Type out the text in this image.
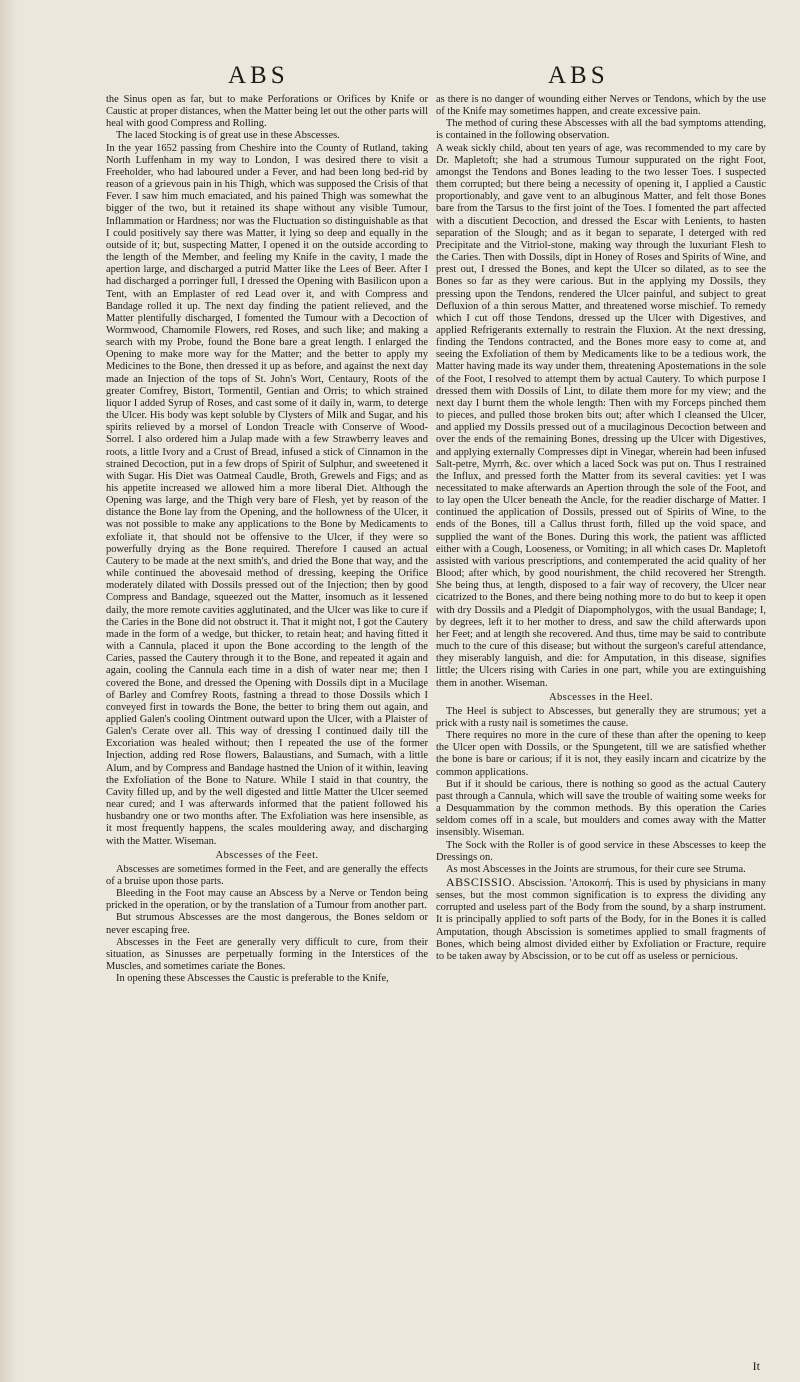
ABS	ABS

the Sinus open as far, but to make Perforations or Orifices by Knife or Caustic at proper distances, when the Matter being let out the other parts will heal with good Compress and Rolling.

The laced Stocking is of great use in these Abscesses.

In the year 1652 passing from Cheshire into the County of Rutland, taking North Luffenham in my way to London, I was desired there to visit a Freeholder, who had laboured under a Fever, and had been long bed-rid by reason of a grievous pain in his Thigh, which was supposed the Crisis of that Fever. I saw him much emaciated, and his pained Thigh was somewhat the bigger of the two, but it retained its shape without any visible Tumour, Inflammation or Hardness; nor was the Fluctuation so distinguishable as that I could positively say there was Matter, it lying so deep and equally in the outside of it; but, suspecting Matter, I opened it on the outside according to the length of the Member, and feeling my Knife in the cavity, I made the apertion large, and discharged a putrid Matter like the Lees of Beer. After I had discharged a porringer full, I dressed the Opening with Basilicon upon a Tent, with an Emplaster of red Lead over it, and with Compress and Bandage rolled it up. The next day finding the patient relieved, and the Matter plentifully discharged, I fomented the Tumour with a Decoction of Wormwood, Chamomile Flowers, red Roses, and such like; and making a search with my Probe, found the Bone bare a great length. I enlarged the Opening to make more way for the Matter; and the better to apply my Medicines to the Bone, then dressed it up as before, and against the next day made an Injection of the tops of St. John's Wort, Centaury, Roots of the greater Comfrey, Bistort, Tormentil, Gentian and Orris; to which strained liquor I added Syrup of Roses, and cast some of it daily in, warm, to deterge the Ulcer. His body was kept soluble by Clysters of Milk and Sugar, and his spirits relieved by a morsel of London Treacle with Conserve of Wood-Sorrel. I also ordered him a Julap made with a few Strawberry leaves and roots, a little Ivory and a Crust of Bread, infused a stick of Cinnamon in the strained Decoction, put in a few drops of Spirit of Sulphur, and sweetened it with Sugar. His Diet was Oatmeal Caudle, Broth, Grewels and Figs; and as his appetite increased we allowed him a more liberal Diet. Although the Opening was large, and the Thigh very bare of Flesh, yet by reason of the distance the Bone lay from the Opening, and the hollowness of the Ulcer, it was not possible to make any applications to the Bone by Medicaments to exfoliate it, that should not be offensive to the Ulcer, if they were so powerfully drying as the Bone required. Therefore I caused an actual Cautery to be made at the next smith's, and dried the Bone that way, and the while continued the abovesaid method of dressing, keeping the Orifice moderately dilated with Dossils pressed out of the Injection; then by good Compress and Bandage, squeezed out the Matter, insomuch as it lessened daily, the more remote cavities agglutinated, and the Ulcer was like to cure if the Caries in the Bone did not obstruct it. That it might not, I got the Cautery made in the form of a wedge, but thicker, to retain heat; and having fitted it with a Cannula, placed it upon the Bone according to the length of the Caries, passed the Cautery through it to the Bone, and repeated it again and again, cooling the Cannula each time in a dish of water near me; then I covered the Bone, and dressed the Opening with Dossils dipt in a Mucilage of Barley and Comfrey Roots, fastning a thread to those Dossils which I conveyed first in towards the Bone, the better to bring them out again, and applied Galen's cooling Ointment outward upon the Ulcer, with a Plaister of Galen's Cerate over all. This way of dressing I continued daily till the Excoriation was healed without; then I repeated the use of the former Injection, adding red Rose flowers, Balaustians, and Sumach, with a little Alum, and by Compress and Bandage hastned the Union of it within, leaving the Exfoliation of the Bone to Nature. While I staid in that country, the Cavity filled up, and by the well digested and little Matter the Ulcer seemed near cured; and I was afterwards informed that the patient followed his husbandry one or two months after. The Exfoliation was here insensible, as it most frequently happens, the scales mouldering away, and discharging with the Matter. Wiseman.

Abscesses of the Feet.

Abscesses are sometimes formed in the Feet, and are generally the effects of a bruise upon those parts.

Bleeding in the Foot may cause an Abscess by a Nerve or Tendon being pricked in the operation, or by the translation of a Tumour from another part.

But strumous Abscesses are the most dangerous, the Bones seldom or never escaping free.

Abscesses in the Feet are generally very difficult to cure, from their situation, as Sinusses are perpetually forming in the Interstices of the Muscles, and sometimes cariate the Bones.

In opening these Abscesses the Caustic is preferable to the Knife,

as there is no danger of wounding either Nerves or Tendons, which by the use of the Knife may sometimes happen, and create excessive pain.

The method of curing these Abscesses with all the bad symptoms attending, is contained in the following observation.

A weak sickly child, about ten years of age, was recommended to my care by Dr. Mapletoft; she had a strumous Tumour suppurated on the right Foot, amongst the Tendons and Bones leading to the two lesser Toes. I suspected them corrupted; but there being a necessity of opening it, I applied a Caustic proportionably, and gave vent to an albuginous Matter, and felt those Bones bare from the Tarsus to the first joint of the Toes. I fomented the part affected with a discutient Decoction, and dressed the Escar with Lenients, to hasten separation of the Slough; and as it began to separate, I deterged with red Precipitate and the Vitriol-stone, making way through the luxuriant Flesh to the Caries. Then with Dossils, dipt in Honey of Roses and Spirits of Wine, and prest out, I dressed the Bones, and kept the Ulcer so dilated, as to see the Bones so far as they were carious. But in the applying my Dossils, they pressing upon the Tendons, rendered the Ulcer painful, and subject to great Defluxion of a thin serous Matter, and threatened worse mischief. To remedy which I cut off those Tendons, dressed up the Ulcer with Digestives, and applied Refrigerants externally to restrain the Fluxion. At the next dressing, finding the Tendons contracted, and the Bones more easy to come at, and seeing the Exfoliation of them by Medicaments like to be a tedious work, the Matter having made its way under them, threatening Apostemations in the sole of the Foot, I resolved to attempt them by actual Cautery. To which purpose I dressed them with Dossils of Lint, to dilate them more for my view; and the next day I burnt them the whole length: Then with my Forceps pinched them to pieces, and pulled those broken bits out; after which I cleansed the Ulcer, and applied my Dossils pressed out of a mucilaginous Decoction between and over the ends of the remaining Bones, dressing up the Ulcer with Digestives, and applying externally Compresses dipt in Vinegar, wherein had been infused Salt-petre, Myrrh, &c. over which a laced Sock was put on. Thus I restrained the Influx, and pressed forth the Matter from its several cavities: yet I was necessitated to make afterwards an Apertion through the sole of the Foot, and to lay open the Ulcer beneath the Ancle, for the readier discharge of Matter. I continued the application of Dossils, pressed out of Spirits of Wine, to the ends of the Bones, till a Callus thrust forth, filled up the void space, and supplied the want of the Bones. During this work, the patient was afflicted either with a Cough, Looseness, or Vomiting; in all which cases Dr. Mapletoft assisted with various prescriptions, and contemperated the acid quality of her Blood; after which, by good nourishment, the child recovered her Strength. She being thus, at length, disposed to a fair way of recovery, the Ulcer near cicatrized to the Bones, and there being nothing more to do but to keep it open with dry Dossils and a Pledgit of Diapompholygos, with the usual Bandage; I, by degrees, left it to her mother to dress, and saw the child afterwards upon her Feet; and at length she recovered. And thus, time may be said to contribute much to the cure of this disease; but without the surgeon's careful attendance, they miserably languish, and die: for Amputation, in this disease, signifies little; the Ulcers rising with Caries in one part, while you are extinguishing them in another. Wiseman.

Abscesses in the Heel.

The Heel is subject to Abscesses, but generally they are strumous; yet a prick with a rusty nail is sometimes the cause.

There requires no more in the cure of these than after the opening to keep the Ulcer open with Dossils, or the Spungetent, till we are satisfied whether the bone is bare or carious; if it is not, they easily incarn and cicatrize by the common applications.

But if it should be carious, there is nothing so good as the actual Cautery past through a Cannula, which will save the trouble of waiting some weeks for a Desquammation by the common methods. By this operation the Caries seldom comes off in a scale, but moulders and comes away with the Matter insensibly. Wiseman.

The Sock with the Roller is of good service in these Abscesses to keep the Dressings on.

As most Abscesses in the Joints are strumous, for their cure see Struma.

ABSCISSIO. Abscission. 'Αποκοπή. This is used by physicians in many senses, but the most common signification is to express the dividing any corrupted and useless part of the Body from the sound, by a sharp instrument. It is principally applied to soft parts of the Body, for in the Bones it is called Amputation, though Abscission is sometimes applied to small fragments of Bones, which being almost divided either by Exfoliation or Fracture, require to be taken away by Abscission, or to be cut off as useless or pernicious.

It
